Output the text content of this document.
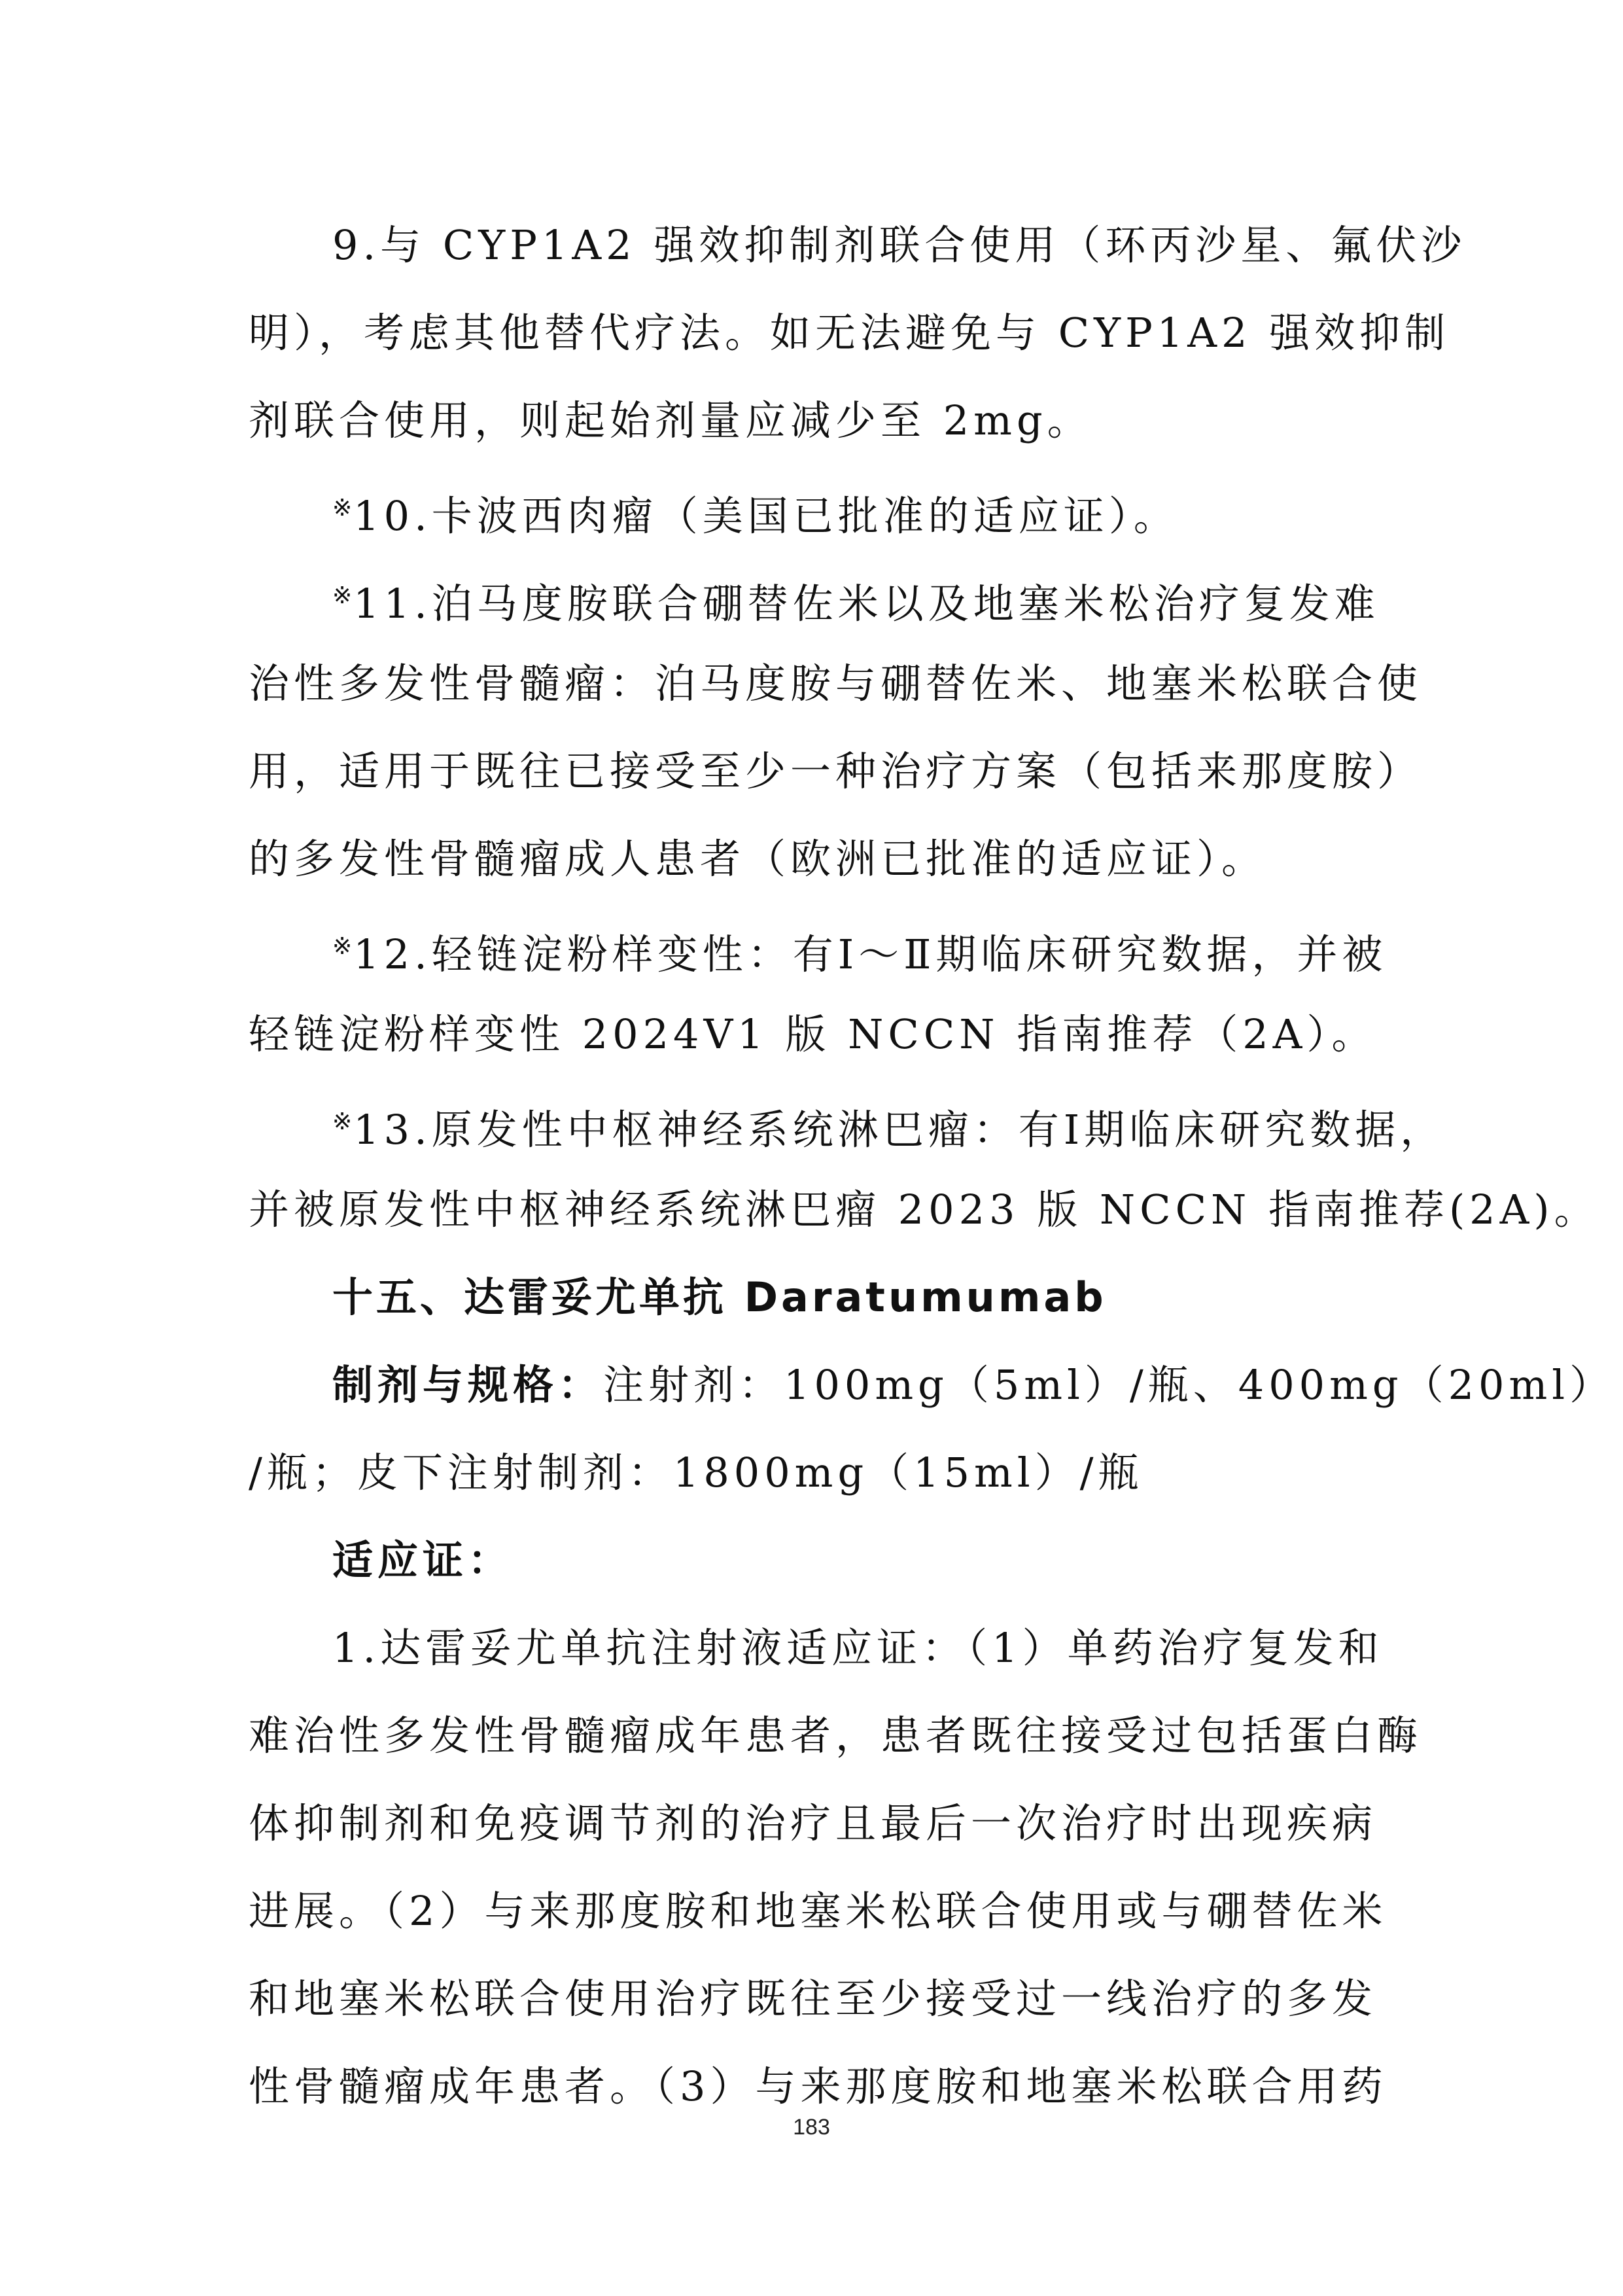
9.与 CYP1A2 强效抑制剂联合使用（环丙沙星、氟伏沙
明），考虑其他替代疗法。如无法避免与 CYP1A2 强效抑制
剂联合使用，则起始剂量应减少至 2mg。
※10.卡波西肉瘤（美国已批准的适应证）。
※11.泊马度胺联合硼替佐米以及地塞米松治疗复发难
治性多发性骨髓瘤：泊马度胺与硼替佐米、地塞米松联合使
用，适用于既往已接受至少一种治疗方案（包括来那度胺）
的多发性骨髓瘤成人患者（欧洲已批准的适应证）。
※12.轻链淀粉样变性：有Ⅰ～Ⅱ期临床研究数据，并被
轻链淀粉样变性 2024V1 版 NCCN 指南推荐（2A）。
※13.原发性中枢神经系统淋巴瘤：有Ⅰ期临床研究数据，
并被原发性中枢神经系统淋巴瘤 2023 版 NCCN 指南推荐(2A)。
十五、达雷妥尤单抗 Daratumumab
制剂与规格：注射剂：100mg（5ml）/瓶、400mg（20ml）
/瓶；皮下注射制剂：1800mg（15ml）/瓶
适应证：
1.达雷妥尤单抗注射液适应证：（1）单药治疗复发和
难治性多发性骨髓瘤成年患者，患者既往接受过包括蛋白酶
体抑制剂和免疫调节剂的治疗且最后一次治疗时出现疾病
进展。（2）与来那度胺和地塞米松联合使用或与硼替佐米
和地塞米松联合使用治疗既往至少接受过一线治疗的多发
性骨髓瘤成年患者。（3）与来那度胺和地塞米松联合用药
183
